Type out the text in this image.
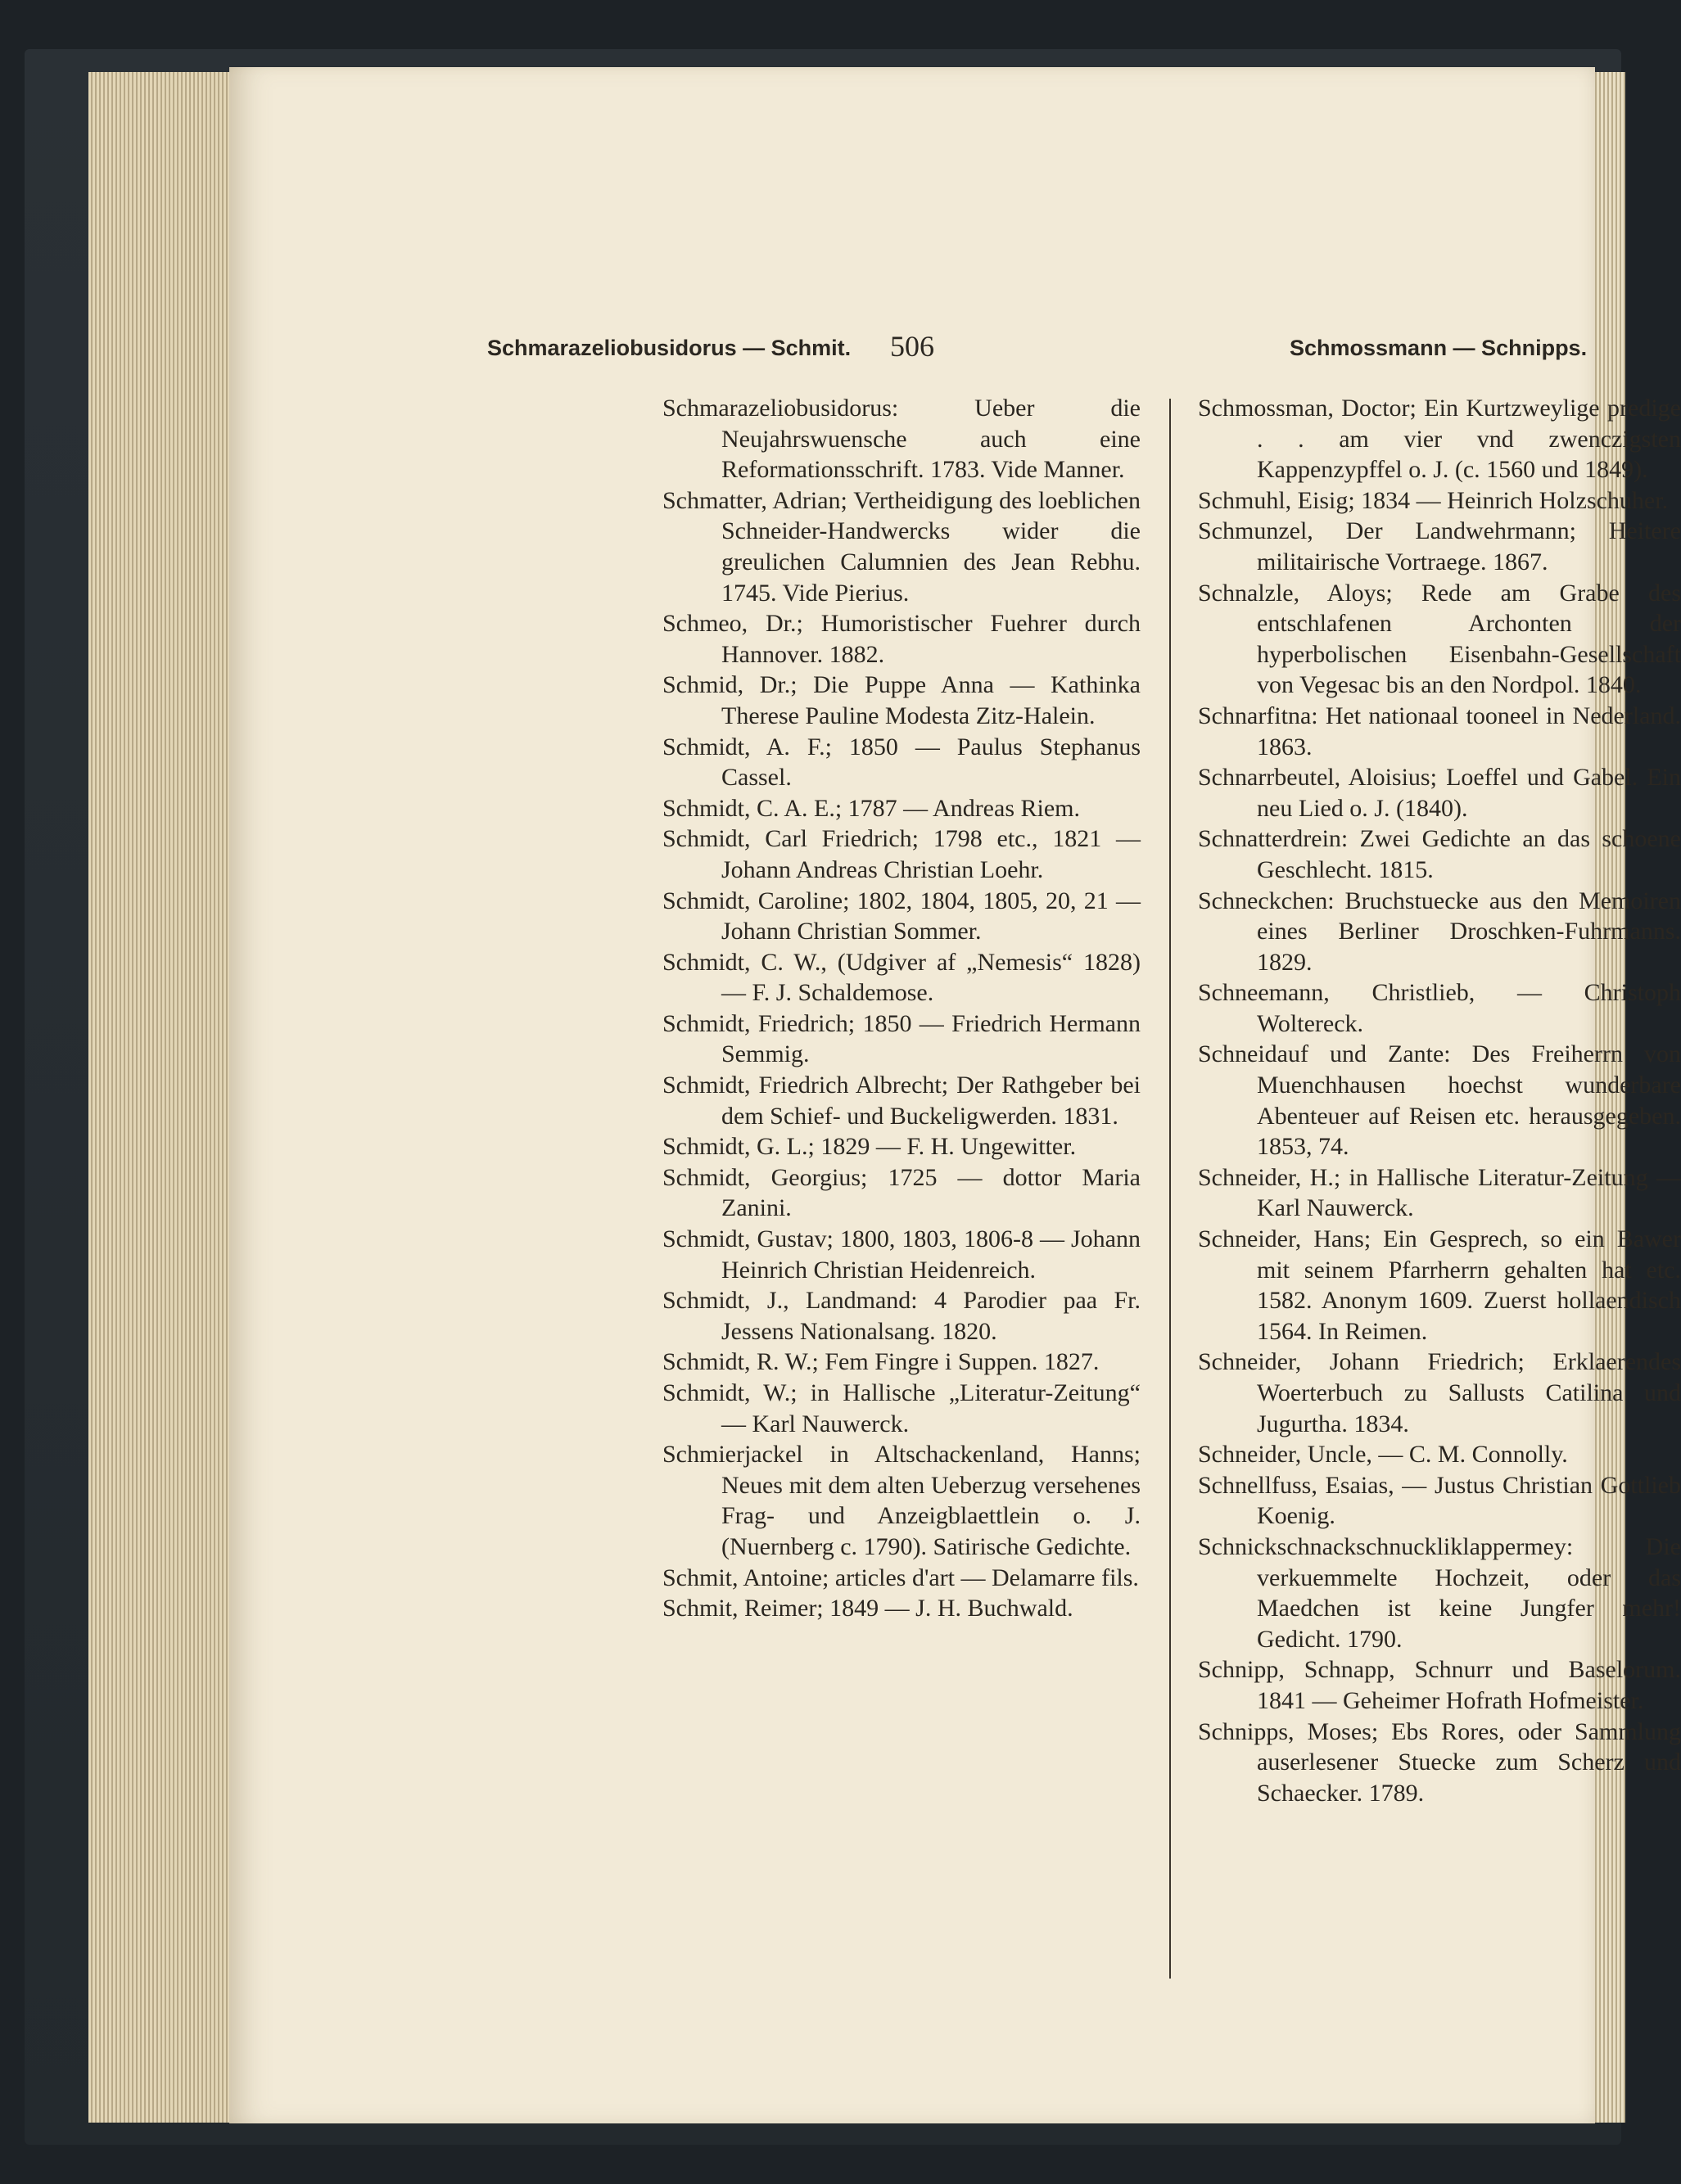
Schmarazeliobusidorus — Schmit.	506	Schmossmann — Schnipps.

Schmarazeliobusidorus: Ueber die Neujahrswuensche auch eine Reformationsschrift. 1783. Vide Manner.

Schmatter, Adrian; Vertheidigung des loeblichen Schneider-Handwercks wider die greulichen Calumnien des Jean Rebhu. 1745. Vide Pierius.

Schmeo, Dr.; Humoristischer Fuehrer durch Hannover. 1882.

Schmid, Dr.; Die Puppe Anna — Kathinka Therese Pauline Modesta Zitz-Halein.

Schmidt, A. F.; 1850 — Paulus Stephanus Cassel.

Schmidt, C. A. E.; 1787 — Andreas Riem.

Schmidt, Carl Friedrich; 1798 etc., 1821 — Johann Andreas Christian Loehr.

Schmidt, Caroline; 1802, 1804, 1805, 20, 21 — Johann Christian Sommer.

Schmidt, C. W., (Udgiver af „Nemesis“ 1828) — F. J. Schaldemose.

Schmidt, Friedrich; 1850 — Friedrich Hermann Semmig.

Schmidt, Friedrich Albrecht; Der Rathgeber bei dem Schief- und Buckeligwerden. 1831.

Schmidt, G. L.; 1829 — F. H. Ungewitter.

Schmidt, Georgius; 1725 — dottor Maria Zanini.

Schmidt, Gustav; 1800, 1803, 1806-8 — Johann Heinrich Christian Heidenreich.

Schmidt, J., Landmand: 4 Parodier paa Fr. Jessens Nationalsang. 1820.

Schmidt, R. W.; Fem Fingre i Suppen. 1827.

Schmidt, W.; in Hallische „Literatur-Zeitung“ — Karl Nauwerck.

Schmierjackel in Altschackenland, Hanns; Neues mit dem alten Ueberzug versehenes Frag- und Anzeigblaettlein o. J. (Nuernberg c. 1790). Satirische Gedichte.

Schmit, Antoine; articles d'art — Delamarre fils.

Schmit, Reimer; 1849 — J. H. Buchwald.

Schmossman, Doctor; Ein Kurtzweylige predige . . am vier vnd zwenczigsten Kappenzypffel o. J. (c. 1560 und 1849).

Schmuhl, Eisig; 1834 — Heinrich Holzschuher.

Schmunzel, Der Landwehrmann; Heitere militairische Vortraege. 1867.

Schnalzle, Aloys; Rede am Grabe des entschlafenen Archonten der hyperbolischen Eisenbahn-Gesellschaft von Vegesac bis an den Nordpol. 1840.

Schnarfitna: Het nationaal tooneel in Nederland. 1863.

Schnarrbeutel, Aloisius; Loeffel und Gabel. Ein neu Lied o. J. (1840).

Schnatterdrein: Zwei Gedichte an das schoene Geschlecht. 1815.

Schneckchen: Bruchstuecke aus den Memoiren eines Berliner Droschken-Fuhrmanns. 1829.

Schneemann, Christlieb, — Christoph Woltereck.

Schneidauf und Zante: Des Freiherrn von Muenchhausen hoechst wunderbare Abenteuer auf Reisen etc. herausgegeben. 1853, 74.

Schneider, H.; in Hallische Literatur-Zeitung — Karl Nauwerck.

Schneider, Hans; Ein Gesprech, so ein Bawer mit seinem Pfarrherrn gehalten hat etc. 1582. Anonym 1609. Zuerst hollaendisch 1564. In Reimen.

Schneider, Johann Friedrich; Erklaerendes Woerterbuch zu Sallusts Catilina und Jugurtha. 1834.

Schneider, Uncle, — C. M. Connolly.

Schnellfuss, Esaias, — Justus Christian Gottlieb Koenig.

Schnickschnackschnuckliklappermey: Die verkuemmelte Hochzeit, oder das Maedchen ist keine Jungfer mehr! Gedicht. 1790.

Schnipp, Schnapp, Schnurr und Baselorum. 1841 — Geheimer Hofrath Hofmeister.

Schnipps, Moses; Ebs Rores, oder Sammlung auserlesener Stuecke zum Scherz und Schaecker. 1789.
